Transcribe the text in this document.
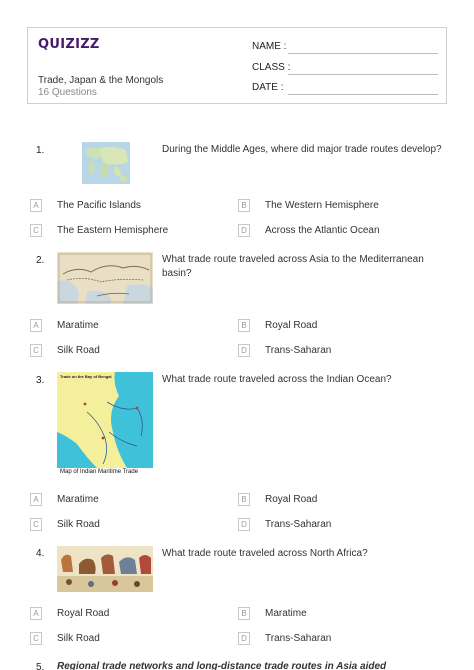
QUIZIZZ
Trade, Japan & the Mongols
16 Questions
NAME :
CLASS :
DATE :
1.	During the Middle Ages, where did major trade routes develop?
A	The Pacific Islands	B	The Western Hemisphere
C	The Eastern Hemisphere	D	Across the Atlantic Ocean
2.	What trade route traveled across Asia to the Mediterranean basin?
A	Maratime	B	Royal Road
C	Silk Road	D	Trans-Saharan
3.	Trade on the Bay of Bengal
Map of Indian Maritime Trade
What trade route traveled across the Indian Ocean?
A	Maratime	B	Royal Road
C	Silk Road	D	Trans-Saharan
4.	What trade route traveled across North Africa?
A	Royal Road	B	Maratime
C	Silk Road	D	Trans-Saharan
5. Regional trade networks and long-distance trade routes in Asia aided
